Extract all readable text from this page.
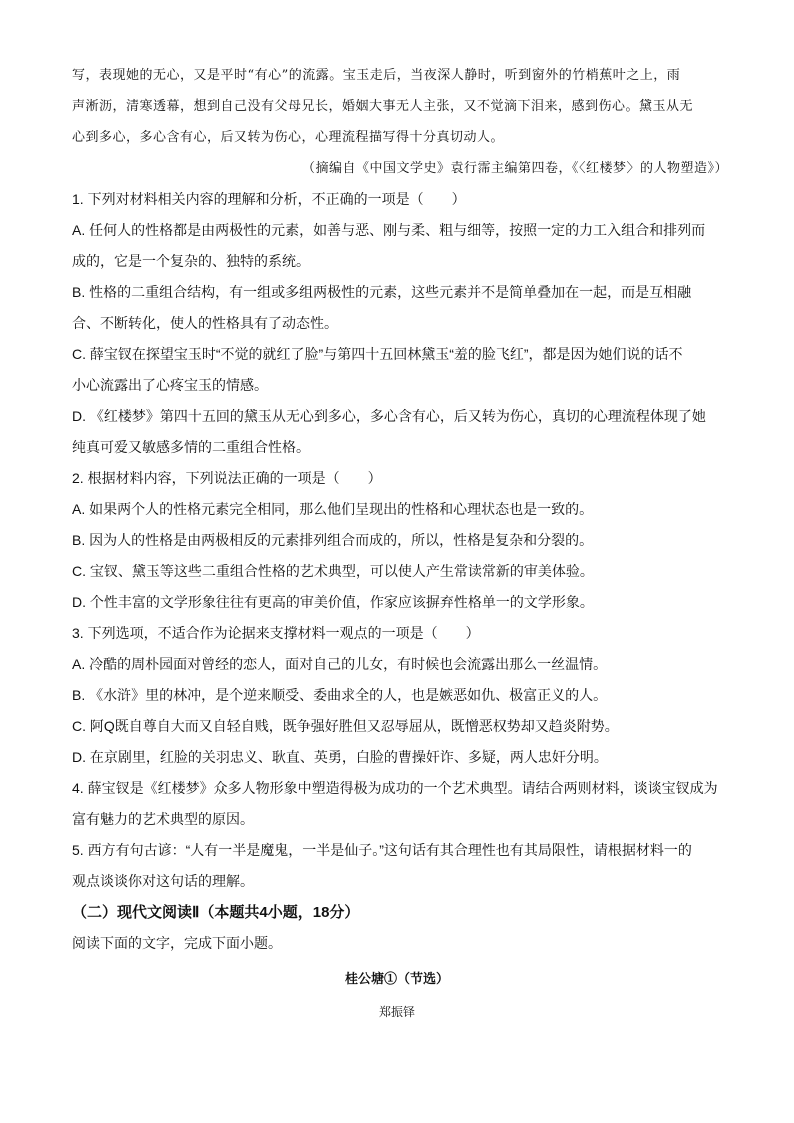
写，表现她的无心，又是平时“有心”的流露。宝玉走后，当夜深人静时，听到窗外的竹梢蕉叶之上，雨

声淅沥，清寒透幕，想到自己没有父母兄长，婚姻大事无人主张，又不觉滴下泪来，感到伤心。黛玉从无

心到多心，多心含有心，后又转为伤心，心理流程描写得十分真切动人。

（摘编自《中国文学史》袁行霈主编第四卷，《〈红楼梦〉的人物塑造》）

1. 下列对材料相关内容的理解和分析，不正确的一项是（　　）

A. 任何人的性格都是由两极性的元素，如善与恶、刚与柔、粗与细等，按照一定的力工入组合和排列而

成的，它是一个复杂的、独特的系统。

B. 性格的二重组合结构，有一组或多组两极性的元素，这些元素并不是简单叠加在一起，而是互相融

合、不断转化，使人的性格具有了动态性。

C. 薛宝钗在探望宝玉时“不觉的就红了脸”与第四十五回林黛玉“羞的脸飞红”，都是因为她们说的话不

小心流露出了心疼宝玉的情感。

D. 《红楼梦》第四十五回的黛玉从无心到多心，多心含有心，后又转为伤心，真切的心理流程体现了她

纯真可爱又敏感多情的二重组合性格。

2. 根据材料内容，下列说法正确的一项是（　　）

A. 如果两个人的性格元素完全相同，那么他们呈现出的性格和心理状态也是一致的。

B. 因为人的性格是由两极相反的元素排列组合而成的，所以，性格是复杂和分裂的。

C. 宝钗、黛玉等这些二重组合性格的艺术典型，可以使人产生常读常新的审美体验。

D. 个性丰富的文学形象往往有更高的审美价值，作家应该摒弃性格单一的文学形象。

3. 下列选项，不适合作为论据来支撑材料一观点的一项是（　　）

A. 冷酷的周朴园面对曾经的恋人，面对自己的儿女，有时候也会流露出那么一丝温情。

B. 《水浒》里的林冲，是个逆来顺受、委曲求全的人，也是嫉恶如仇、极富正义的人。

C. 阿Q既自尊自大而又自轻自贱，既争强好胜但又忍辱屈从，既憎恶权势却又趋炎附势。

D. 在京剧里，红脸的关羽忠义、耿直、英勇，白脸的曹操奸诈、多疑，两人忠奸分明。

4. 薛宝钗是《红楼梦》众多人物形象中塑造得极为成功的一个艺术典型。请结合两则材料，谈谈宝钗成为

富有魅力的艺术典型的原因。

5. 西方有句古谚：“人有一半是魔鬼，一半是仙子。”这句话有其合理性也有其局限性，请根据材料一的

观点谈谈你对这句话的理解。

（二）现代文阅读Ⅱ（本题共4小题，18分）

阅读下面的文字，完成下面小题。

桂公塘①（节选）

郑振铎
